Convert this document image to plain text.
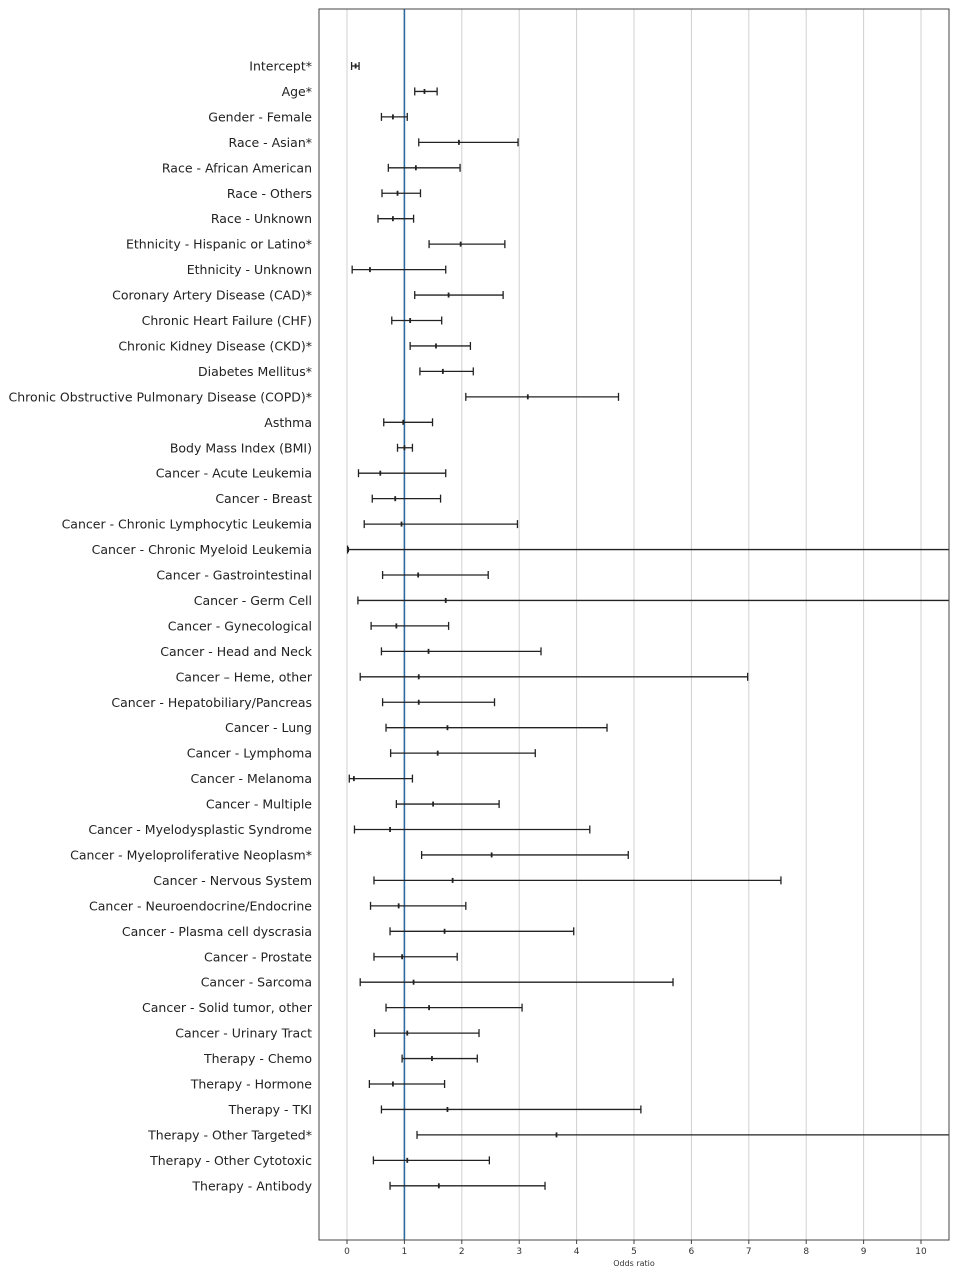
Intercept*
Age*
Gender - Female
Race - Asian*
Race - African American
Race - Others
Race - Unknown
Ethnicity - Hispanic or Latino*
Ethnicity - Unknown
Coronary Artery Disease (CAD)*
Chronic Heart Failure (CHF)
Chronic Kidney Disease (CKD)*
Diabetes Mellitus*
Chronic Obstructive Pulmonary Disease (COPD)*
Asthma
Body Mass Index (BMI)
Cancer - Acute Leukemia
Cancer - Breast
Cancer - Chronic Lymphocytic Leukemia
Cancer - Chronic Myeloid Leukemia
Cancer - Gastrointestinal
Cancer - Germ Cell
Cancer - Gynecological
Cancer - Head and Neck
Cancer – Heme, other
Cancer - Hepatobiliary/Pancreas
Cancer - Lung
Cancer - Lymphoma
Cancer - Melanoma
Cancer - Multiple
Cancer - Myelodysplastic Syndrome
Cancer - Myeloproliferative Neoplasm*
Cancer - Nervous System
Cancer - Neuroendocrine/Endocrine
Cancer - Plasma cell dyscrasia
Cancer - Prostate
Cancer - Sarcoma
Cancer - Solid tumor, other
Cancer - Urinary Tract
Therapy - Chemo
Therapy - Hormone
Therapy - TKI
Therapy - Other Targeted*
Therapy - Other Cytotoxic
Therapy - Antibody
0	1	2	3	4	5	6	7	8	9	10
Odds ratio
